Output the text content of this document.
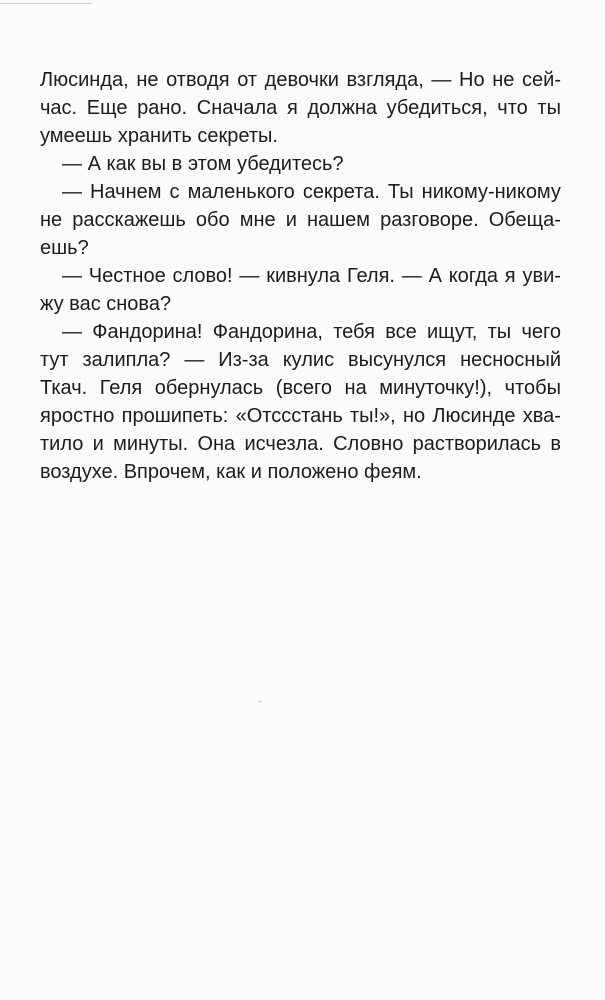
Люсинда, не отводя от девочки взгляда, — Но не сей-
час. Еще рано. Сначала я должна убедиться, что ты
умеешь
хранить
секреты.
—
А
как
вы
в
этом
убедитесь?
— Начнем с маленького секрета. Ты никому-никому
не расскажешь обо мне и нашем разговоре. Обеща-
ешь?
— Честное слово! — кивнула Геля. — А когда я уви-
жу
вас
снова?
— Фандорина! Фандорина, тебя все ищут, ты чего
тут залипла? — Из-за кулис высунулся несносный
Ткач. Геля обернулась (всего на минуточку!), чтобы
яростно прошипеть: «Отсcстань ты!», но Люсинде хва-
тило и минуты. Она исчезла. Словно растворилась в
воздухе.
Впрочем,
как
и
положено
феям.
